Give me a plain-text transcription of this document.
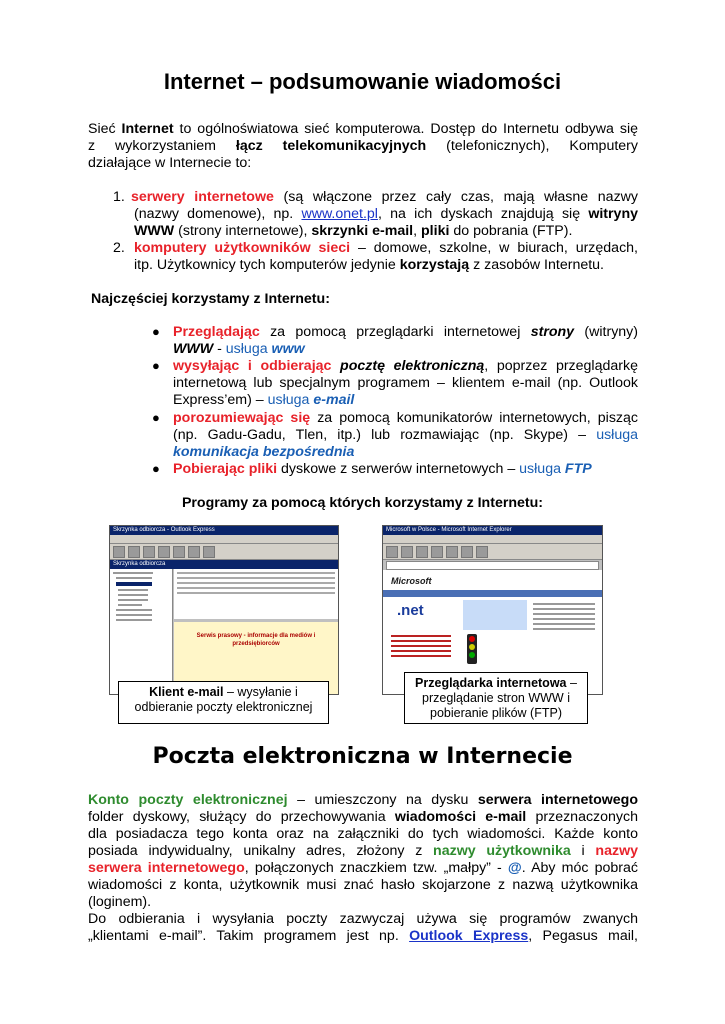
Internet – podsumowanie wiadomości
Sieć Internet to ogólnoświatowa sieć komputerowa. Dostęp do Internetu odbywa się
z wykorzystaniem łącz telekomunikacyjnych (telefonicznych), Komputery
działające w Internecie to:
1. serwery internetowe (są włączone przez cały czas, mają własne nazwy
(nazwy domenowe), np. www.onet.pl, na ich dyskach znajdują się witryny
WWW (strony internetowe), skrzynki e-mail, pliki do pobrania (FTP).
2. komputery użytkowników sieci – domowe, szkolne, w biurach, urzędach,
itp. Użytkownicy tych komputerów jedynie korzystają z zasobów Internetu.
Najczęściej korzystamy z Internetu:
● Przeglądając za pomocą przeglądarki internetowej strony (witryny)
WWW - usługa www
● wysyłając i odbierając pocztę elektroniczną, poprzez przeglądarkę
internetową lub specjalnym programem – klientem e-mail (np. Outlook
Express’em) – usługa e-mail
● porozumiewając się za pomocą komunikatorów internetowych, pisząc
(np. Gadu-Gadu, Tlen, itp.) lub rozmawiając (np. Skype) – usługa
komunikacja bezpośrednia
● Pobierając pliki dyskowe z serwerów internetowych – usługa FTP
Programy za pomocą których korzystamy z Internetu:
Skrzynka odbiorcza - Outlook Express
Skrzynka odbiorcza
Serwis prasowy - informacje dla mediów i przedsiębiorców
Microsoft w Polsce - Microsoft Internet Explorer
Microsoft
.net
Klient e-mail – wysyłanie i
odbieranie poczty elektronicznej
Przeglądarka internetowa –
przeglądanie stron WWW i
pobieranie plików (FTP)
Poczta elektroniczna w Internecie
Konto poczty elektronicznej – umieszczony na dysku serwera internetowego
folder dyskowy, służący do przechowywania wiadomości e-mail przeznaczonych
dla posiadacza tego konta oraz na załączniki do tych wiadomości. Każde konto
posiada indywidualny, unikalny adres, złożony z nazwy użytkownika i nazwy
serwera internetowego, połączonych znaczkiem tzw. „małpy” - @. Aby móc pobrać
wiadomości z konta, użytkownik musi znać hasło skojarzone z nazwą użytkownika
(loginem).
Do odbierania i wysyłania poczty zazwyczaj używa się programów zwanych
„klientami e-mail”. Takim programem jest np. Outlook Express, Pegasus mail,
